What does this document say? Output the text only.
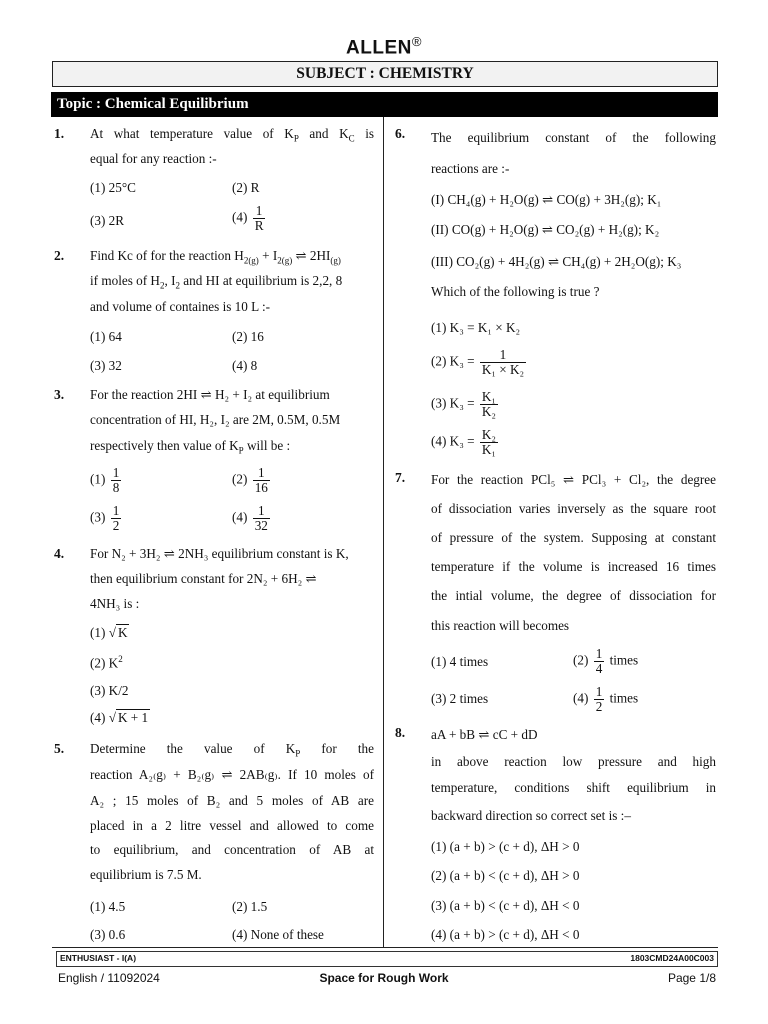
ALLEN®
SUBJECT : CHEMISTRY
Topic : Chemical Equilibrium
1. At what temperature value of $K_P$ and $K_C$ is
equal for any reaction :-
(1) 25°C	(2) R
(3) 2R	$(4) \frac{1}{R}$
2. Find Kc of for the reaction $H_{2(g)} + I_{2(g)}$ ⇌ $2HI_{(g)}$
if moles of $H_2$, $I_2$ and HI at equilibrium is 2,2, 8
and volume of containes is 10 L :-
(1) 64	(2) 16
(3) 32	(4) 8
3. For the reaction 2HI ⇌ H₂ + I₂ at equilibrium
concentration of HI, H₂, I₂ are 2M, 0.5M, 0.5M
respectively then value of $K_P$ will be :
$(1) \frac{1}{8}$	$(2) \frac{1}{16}$
$(3) \frac{1}{2}$	$(4) \frac{1}{32}$
4. For N₂ + 3H₂ ⇌ 2NH₃ equilibrium constant is K,
then equilibrium constant for 2N₂ + 6H₂ ⇌
4NH₃ is :
(1) √ K
(2) $K^2$
(3) K/2
(4) √ K + 1
5. Determine the value of $K_P$ for the
reaction A₂₍g₎ + B₂₍g₎ ⇌ 2AB₍g₎. If 10 moles of
A₂ ; 15 moles of B₂ and 5 moles of AB are
placed in a 2 litre vessel and allowed to come
to equilibrium, and concentration of AB at
equilibrium is 7.5 M.
(1) 4.5	(2) 1.5
(3) 0.6	(4) None of these
6. The equilibrium constant of the following
reactions are :-
(I) CH₄(g) + H₂O(g) ⇌ CO(g) + 3H₂(g); K₁
(II) CO(g) + H₂O(g) ⇌ CO₂(g) + H₂(g); K₂
(III) CO₂(g) + 4H₂(g) ⇌ CH₄(g) + 2H₂O(g); K₃
Which of the following is true ?
(1) K₃ = K₁ × K₂
(2) $K_3 = \frac{1}{\text{K₁ × K₂}}$
(3) $K_3 = \frac{\text{K₁}}{\text{K₂}}$
(4) $K_3 = \frac{\text{K₂}}{\text{K₁}}$
7. For the reaction PCl₅ ⇌ PCl₃ + Cl₂, the degree
of dissociation varies inversely as the square root
of pressure of the system. Supposing at constant
temperature if the volume is increased 16 times
the intial volume, the degree of dissociation for
this reaction will becomes
(1) 4 times	$(2) \frac{1}{4}$ times
(3) 2 times	$(4) \frac{1}{2}$ times
8. aA + bB ⇌ cC + dD
in above reaction low pressure and high
temperature, conditions shift equilibrium in
backward direction so correct set is :–
(1) (a + b) > (c + d), ΔH > 0
(2) (a + b) < (c + d), ΔH > 0
(3) (a + b) < (c + d), ΔH < 0
(4) (a + b) > (c + d), ΔH < 0
ENTHUSIAST - I(A)	1803CMD24A00C003
English / 11092024	Space for Rough Work	Page 1/8
